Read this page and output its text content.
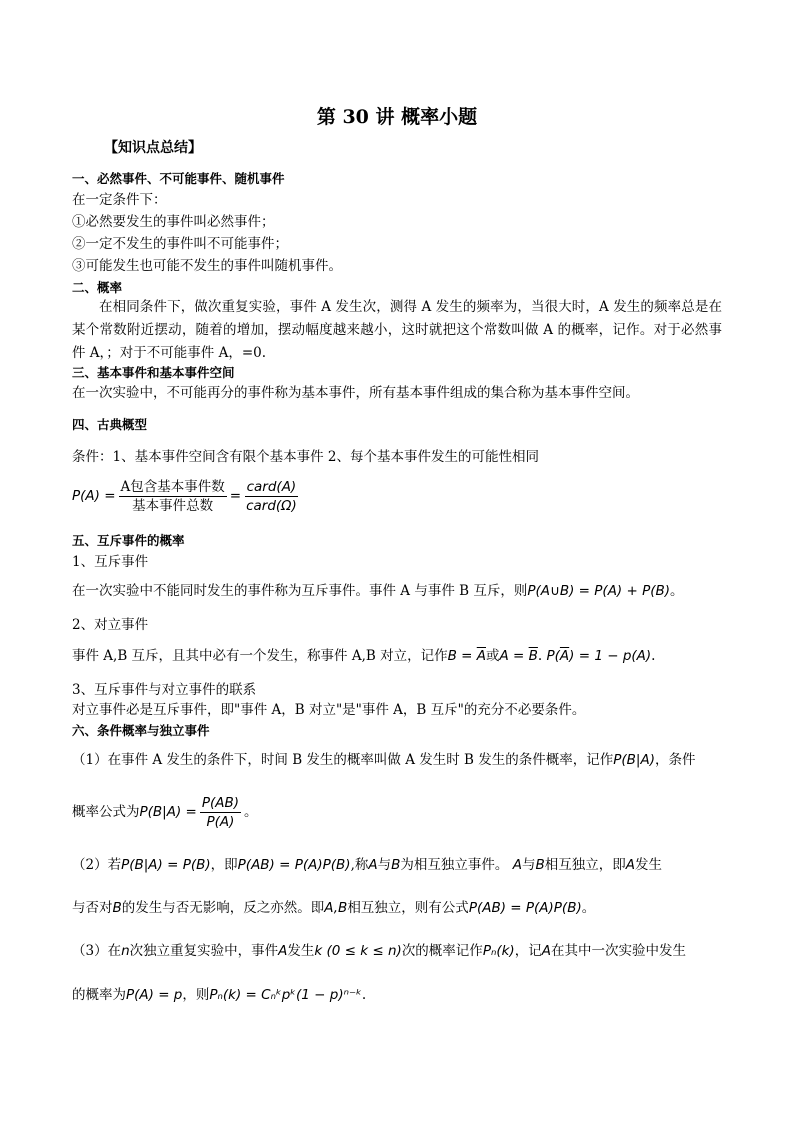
第 30 讲 概率小题
【知识点总结】
一、必然事件、不可能事件、随机事件
在一定条件下：
①必然要发生的事件叫必然事件；
②一定不发生的事件叫不可能事件；
③可能发生也可能不发生的事件叫随机事件。
二、概率
在相同条件下，做次重复实验，事件 A 发生次，测得 A 发生的频率为，当很大时，A 发生的频率总是在某个常数附近摆动，随着的增加，摆动幅度越来越小，这时就把这个常数叫做 A 的概率，记作。对于必然事件 A，；对于不可能事件 A，=0.
三、基本事件和基本事件空间
在一次实验中，不可能再分的事件称为基本事件，所有基本事件组成的集合称为基本事件空间。
四、古典概型
条件：1、基本事件空间含有限个基本事件 2、每个基本事件发生的可能性相同
$P(A) = \frac{\text{A包含基本事件数}}{\text{基本事件总数}} = \frac{\text{card(A)}}{\text{card(Ω)}}$
五、互斥事件的概率
1、互斥事件
在一次实验中不能同时发生的事件称为互斥事件。事件 A 与事件 B 互斥，则P(A∪B) = P(A) + P(B)。
2、对立事件
事件 A,B 互斥，且其中必有一个发生，称事件 A,B 对立，记作$B = \overline{A}$或$A = \overline{B}$. $P(\overline{A}) = 1 - p(A)$.
3、互斥事件与对立事件的联系
对立事件必是互斥事件，即"事件 A，B 对立"是"事件 A，B 互斥"的充分不必要条件。
六、条件概率与独立事件
（1）在事件 A 发生的条件下，时间 B 发生的概率叫做 A 发生时 B 发生的条件概率，记作P(B|A)，条件
概率公式为 $P(B|A) = \frac{P(AB)}{P(A)}$ 。
（2）若P(B|A) = P(B)，即P(AB) = P(A)P(B),称A与B为相互独立事件。 A与B相互独立，即A发生
与否对B的发生与否无影响，反之亦然。即A,B相互独立，则有公式P(AB) = P(A)P(B)。
（3）在n次独立重复实验中，事件A发生k (0 ≤ k ≤ n)次的概率记作Pₙ(k)，记A在其中一次实验中发生
的概率为P(A) = p，则Pₙ(k) = Cₙᵏpᵏ(1 − p)ⁿ⁻ᵏ.
